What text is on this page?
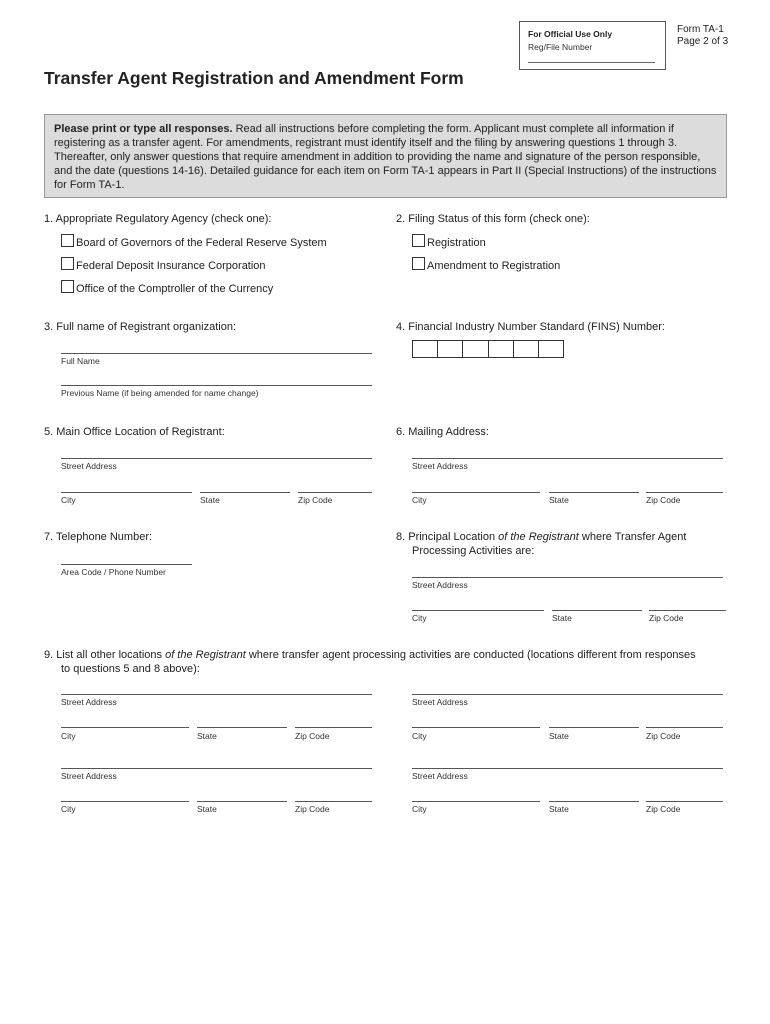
For Official Use Only
Reg/File Number
Form TA-1
Page 2 of 3
Transfer Agent Registration and Amendment Form
Please print or type all responses. Read all instructions before completing the form. Applicant must complete all information if registering as a transfer agent. For amendments, registrant must identify itself and the filing by answering questions 1 through 3. Thereafter, only answer questions that require amendment in addition to providing the name and signature of the person responsible, and the date (questions 14-16). Detailed guidance for each item on Form TA-1 appears in Part II (Special Instructions) of the instructions for Form TA-1.
1. Appropriate Regulatory Agency (check one):
Board of Governors of the Federal Reserve System
Federal Deposit Insurance Corporation
Office of the Comptroller of the Currency
2. Filing Status of this form (check one):
Registration
Amendment to Registration
3. Full name of Registrant organization:
Full Name
Previous Name (if being amended for name change)
4. Financial Industry Number Standard (FINS) Number:
5. Main Office Location of Registrant:
Street Address
City	State	Zip Code
6. Mailing Address:
Street Address
City	State	Zip Code
7. Telephone Number:
Area Code / Phone Number
8. Principal Location of the Registrant where Transfer Agent
Processing Activities are:
Street Address
City	State	Zip Code
9. List all other locations of the Registrant where transfer agent processing activities are conducted (locations different from responses
to questions 5 and 8 above):
Street Address
City	State	Zip Code
Street Address
City	State	Zip Code
Street Address
City	State	Zip Code
Street Address
City	State	Zip Code
